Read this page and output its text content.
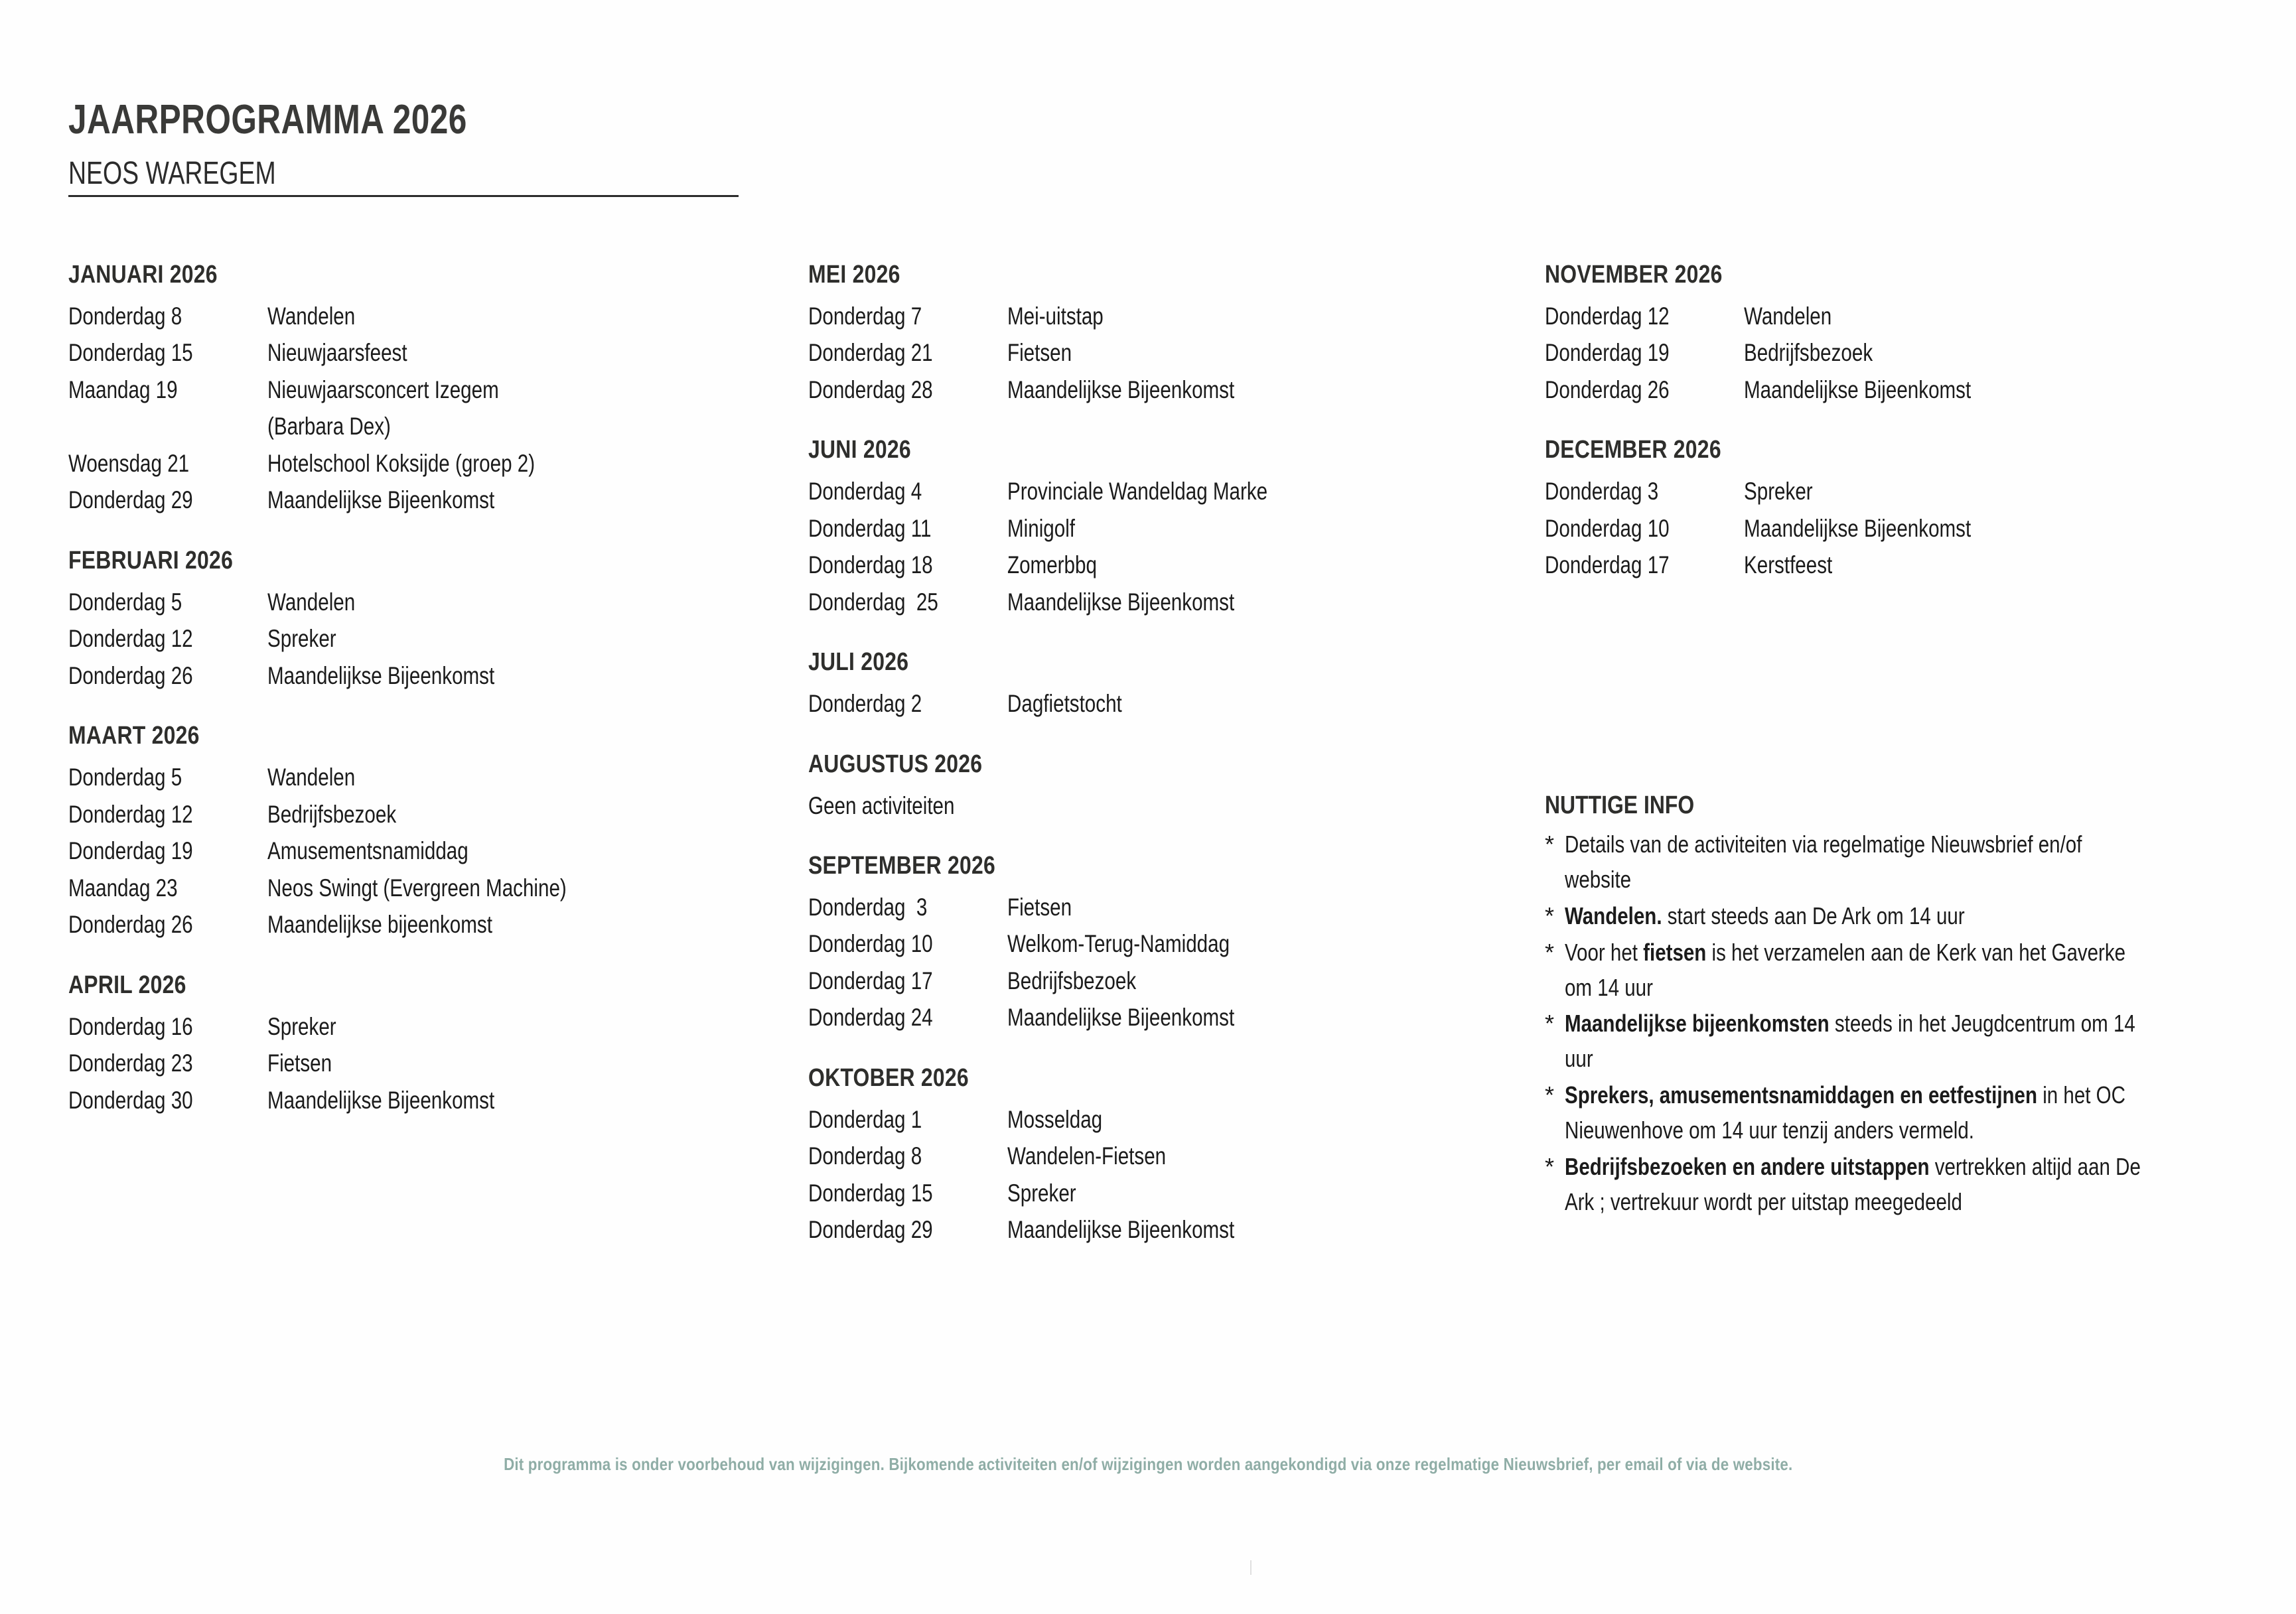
JAARPROGRAMMA 2026
NEOS WAREGEM
JANUARI 2026
Donderdag 8	Wandelen
Donderdag 15	Nieuwjaarsfeest
Maandag 19	Nieuwjaarsconcert Izegem
(Barbara Dex)
Woensdag 21	Hotelschool Koksijde (groep 2)
Donderdag 29	Maandelijkse Bijeenkomst
FEBRUARI 2026
Donderdag 5	Wandelen
Donderdag 12	Spreker
Donderdag 26	Maandelijkse Bijeenkomst
MAART 2026
Donderdag 5	Wandelen
Donderdag 12	Bedrijfsbezoek
Donderdag 19	Amusementsnamiddag
Maandag 23	Neos Swingt (Evergreen Machine)
Donderdag 26	Maandelijkse bijeenkomst
APRIL 2026
Donderdag 16	Spreker
Donderdag 23	Fietsen
Donderdag 30	Maandelijkse Bijeenkomst
MEI 2026
Donderdag 7	Mei-uitstap
Donderdag 21	Fietsen
Donderdag 28	Maandelijkse Bijeenkomst
JUNI 2026
Donderdag 4	Provinciale Wandeldag Marke
Donderdag 11	Minigolf
Donderdag 18	Zomerbbq
Donderdag  25	Maandelijkse Bijeenkomst
JULI 2026
Donderdag 2	Dagfietstocht
AUGUSTUS 2026
Geen activiteiten
SEPTEMBER 2026
Donderdag  3	Fietsen
Donderdag 10	Welkom-Terug-Namiddag
Donderdag 17	Bedrijfsbezoek
Donderdag 24	Maandelijkse Bijeenkomst
OKTOBER 2026
Donderdag 1	Mosseldag
Donderdag 8	Wandelen-Fietsen
Donderdag 15	Spreker
Donderdag 29	Maandelijkse Bijeenkomst
NOVEMBER 2026
Donderdag 12	Wandelen
Donderdag 19	Bedrijfsbezoek
Donderdag 26	Maandelijkse Bijeenkomst
DECEMBER 2026
Donderdag 3	Spreker
Donderdag 10	Maandelijkse Bijeenkomst
Donderdag 17	Kerstfeest
NUTTIGE INFO
* Details van de activiteiten via regelmatige Nieuwsbrief en/of website
* Wandelen. start steeds aan De Ark om 14 uur
* Voor het fietsen is het verzamelen aan de Kerk van het Gaverke om 14 uur
* Maandelijkse bijeenkomsten steeds in het Jeugdcentrum om 14 uur
* Sprekers, amusementsnamiddagen en eetfestijnen in het OC Nieuwenhove om 14 uur tenzij anders vermeld.
* Bedrijfsbezoeken en andere uitstappen vertrekken altijd aan De Ark ; vertrekuur wordt per uitstap meegedeeld
Dit programma is onder voorbehoud van wijzigingen. Bijkomende activiteiten en/of wijzigingen worden aangekondigd via onze regelmatige Nieuwsbrief, per email of via de website.
